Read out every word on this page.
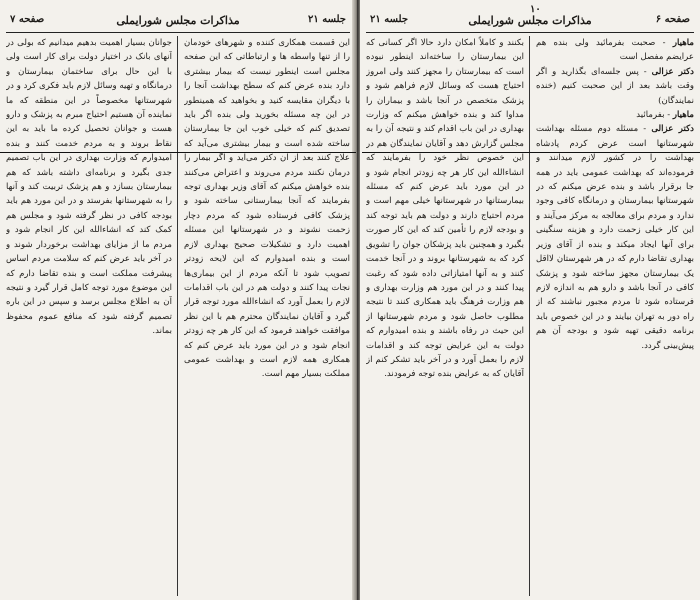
جلسه ۲۱
مذاکرات مجلس شورایملی
صفحه ۷

این قسمت همکاری کننده و شهرهای خودمان را از تنها واسطه ها و ارتباطاتی که این صفحه مجلس است اینطور نیست که بیمار بیشتری دارد بنده عرض کنم که سطح بهداشت آنجا را با دیگران مقایسه کنید و بخواهید که همینطور در این چه مسئله بخورید ولی بنده اگر باید تصدیق کنم که خیلی خوب این جا بیمارستان ساخته شده است و بیمار بیشتری می‌آید که علاج کنند بعد از آن دکتر می‌آید و اگر بیمار را درمان نکنند مردم می‌روند و اعتراض می‌کنند بنده خواهش میکنم که آقای وزیر بهداری توجه بفرمایند که آنجا بیمارستانی ساخته شود و پزشک کافی فرستاده شود که مردم دچار زحمت نشوند و در شهرستانها این مسئله اهمیت دارد و تشکیلات صحیح بهداری لازم است و بنده امیدوارم که این لایحه زودتر تصویب شود تا آنکه مردم از این بیماری‌ها نجات پیدا کنند و دولت هم در این باب اقدامات لازم را بعمل آورد که انشاءالله مورد توجه قرار گیرد و آقایان نمایندگان محترم هم با این نظر موافقت خواهند فرمود که این کار هر چه زودتر انجام شود و در این مورد باید عرض کنم که همکاری همه لازم است و بهداشت عمومی مملکت بسیار مهم است.

جوانان بسیار اهمیت بدهیم میدانیم که بولی در آنهای بانک در اختیار دولت برای کار است ولی با این حال برای ساختمان بیمارستان و درمانگاه و تهیه وسائل لازم باید فکری کرد و در شهرستانها مخصوصاً در این منطقه که ما نماینده آن هستیم احتیاج مبرم به پزشک و دارو هست و جوانان تحصیل کرده ما باید به این نقاط بروند و به مردم خدمت کنند و بنده امیدوارم که وزارت بهداری در این باب تصمیم جدی بگیرد و برنامه‌ای داشته باشد که هم بیمارستان بسازد و هم پزشک تربیت کند و آنها را به شهرستانها بفرستد و در این مورد هم باید بودجه کافی در نظر گرفته شود و مجلس هم کمک کند که انشاءالله این کار انجام شود و مردم ما از مزایای بهداشت برخوردار شوند و در آخر باید عرض کنم که سلامت مردم اساس پیشرفت مملکت است و بنده تقاضا دارم که این موضوع مورد توجه کامل قرار گیرد و نتیجه آن به اطلاع مجلس برسد و سپس در این باره تصمیم گرفته شود که منافع عموم محفوظ بماند.

۱۰
صفحه ۶
مذاکرات مجلس شورایملی
جلسه ۲۱

ماهیار - صحبت بفرمائید ولی بنده هم عرایضم مفصل است

دکتر عزالی - پس جلسه‌ای بگذارید و اگر وقت باشد بعد از این صحبت کنیم (خنده نمایندگان)

ماهیار - بفرمائید

دکتر عزالی - مسئله دوم مسئله بهداشت شهرستانها است عرض کردم پادشاه بهداشت را در کشور لازم میدانند و فرموده‌اند که بهداشت عمومی باید در همه جا برقرار باشد و بنده عرض میکنم که در شهرستانها بیمارستان و درمانگاه کافی وجود ندارد و مردم برای معالجه به مرکز می‌آیند و این کار خیلی زحمت دارد و هزینه سنگینی برای آنها ایجاد میکند و بنده از آقای وزیر بهداری تقاضا دارم که در هر شهرستان لااقل یک بیمارستان مجهز ساخته شود و پزشک کافی در آنجا باشد و دارو هم به اندازه لازم فرستاده شود تا مردم مجبور نباشند که از راه دور به تهران بیایند و در این خصوص باید برنامه دقیقی تهیه شود و بودجه آن هم پیش‌بینی گردد.

بکنند و کاملاً امکان دارد حالا اگر کسانی که این بیمارستان را ساخته‌اند اینطور نبوده است که بیمارستان را مجهز کنند ولی امروز احتیاج هست که وسائل لازم فراهم شود و پزشک متخصص در آنجا باشد و بیماران را مداوا کند و بنده خواهش میکنم که وزارت بهداری در این باب اقدام کند و نتیجه آن را به مجلس گزارش دهد و آقایان نمایندگان هم در این خصوص نظر خود را بفرمایند که انشاءالله این کار هر چه زودتر انجام شود و در این مورد باید عرض کنم که مسئله بیمارستانها در شهرستانها خیلی مهم است و مردم احتیاج دارند و دولت هم باید توجه کند و بودجه لازم را تأمین کند که این کار صورت بگیرد و همچنین باید پزشکان جوان را تشویق کرد که به شهرستانها بروند و در آنجا خدمت کنند و به آنها امتیازاتی داده شود که رغبت پیدا کنند و در این مورد هم وزارت بهداری و هم وزارت فرهنگ باید همکاری کنند تا نتیجه مطلوب حاصل شود و مردم شهرستانها از این حیث در رفاه باشند و بنده امیدوارم که دولت به این عرایض توجه کند و اقدامات لازم را بعمل آورد و در آخر باید تشکر کنم از آقایان که به عرایض بنده توجه فرمودند.
